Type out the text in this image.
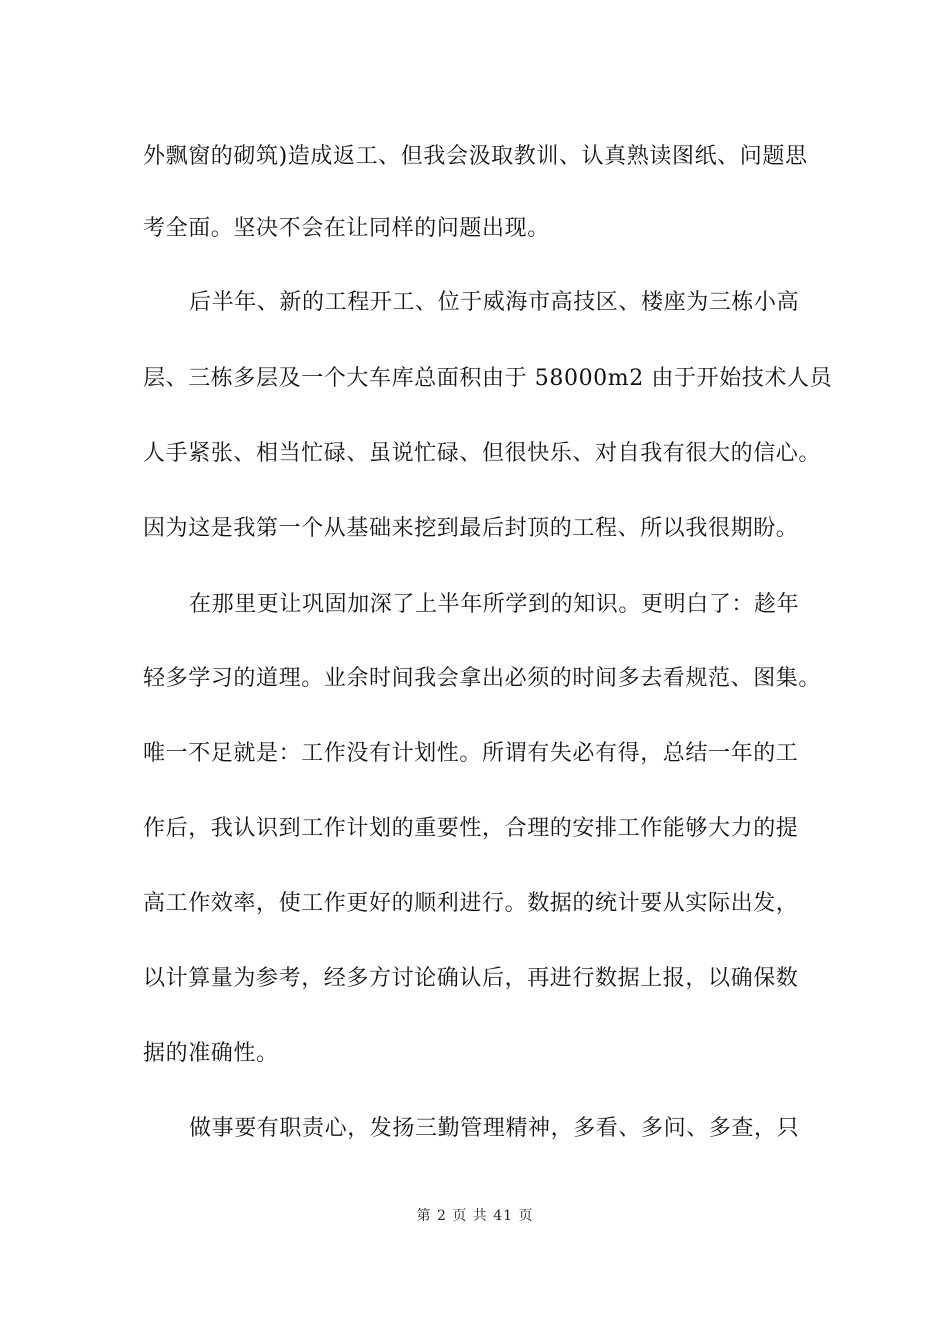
外飘窗的砌筑)造成返工、但我会汲取教训、认真熟读图纸、问题思
考全面。坚决不会在让同样的问题出现。
后半年、新的工程开工、位于威海市高技区、楼座为三栋小高
层、三栋多层及一个大车库总面积由于 58000m2 由于开始技术人员
人手紧张、相当忙碌、虽说忙碌、但很快乐、对自我有很大的信心。
因为这是我第一个从基础来挖到最后封顶的工程、所以我很期盼。
在那里更让巩固加深了上半年所学到的知识。更明白了：趁年
轻多学习的道理。业余时间我会拿出必须的时间多去看规范、图集。
唯一不足就是：工作没有计划性。所谓有失必有得，总结一年的工
作后，我认识到工作计划的重要性，合理的安排工作能够大力的提
高工作效率，使工作更好的顺利进行。数据的统计要从实际出发，
以计算量为参考，经多方讨论确认后，再进行数据上报，以确保数
据的准确性。
做事要有职责心，发扬三勤管理精神，多看、多问、多查，只
第 2 页 共 41 页
